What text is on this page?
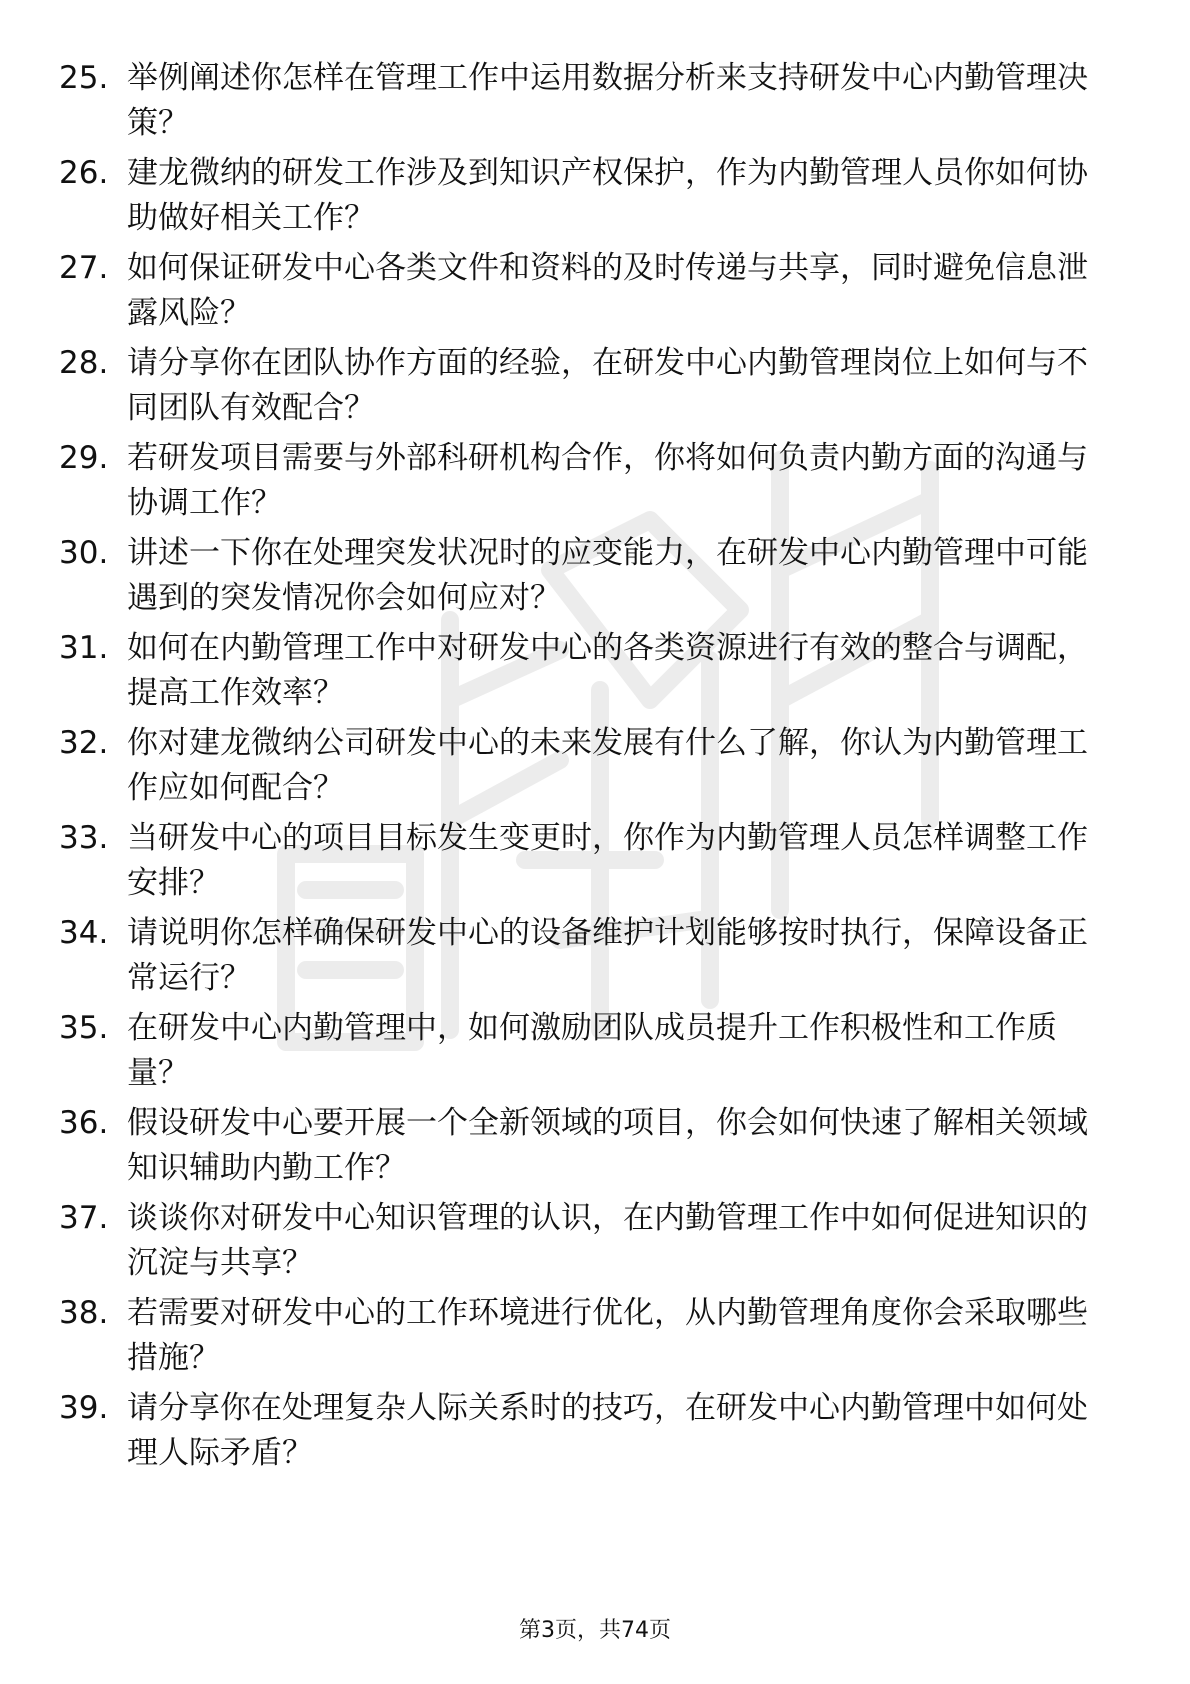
25. 举例阐述你怎样在管理工作中运用数据分析来支持研发中心内勤管理决策？
26. 建龙微纳的研发工作涉及到知识产权保护，作为内勤管理人员你如何协助做好相关工作？
27. 如何保证研发中心各类文件和资料的及时传递与共享，同时避免信息泄露风险？
28. 请分享你在团队协作方面的经验，在研发中心内勤管理岗位上如何与不同团队有效配合？
29. 若研发项目需要与外部科研机构合作，你将如何负责内勤方面的沟通与协调工作？
30. 讲述一下你在处理突发状况时的应变能力，在研发中心内勤管理中可能遇到的突发情况你会如何应对？
31. 如何在内勤管理工作中对研发中心的各类资源进行有效的整合与调配，提高工作效率？
32. 你对建龙微纳公司研发中心的未来发展有什么了解，你认为内勤管理工作应如何配合？
33. 当研发中心的项目目标发生变更时，你作为内勤管理人员怎样调整工作安排？
34. 请说明你怎样确保研发中心的设备维护计划能够按时执行，保障设备正常运行？
35. 在研发中心内勤管理中，如何激励团队成员提升工作积极性和工作质量？
36. 假设研发中心要开展一个全新领域的项目，你会如何快速了解相关领域知识辅助内勤工作？
37. 谈谈你对研发中心知识管理的认识，在内勤管理工作中如何促进知识的沉淀与共享？
38. 若需要对研发中心的工作环境进行优化，从内勤管理角度你会采取哪些措施？
39. 请分享你在处理复杂人际关系时的技巧，在研发中心内勤管理中如何处理人际矛盾？
第3页，共74页
